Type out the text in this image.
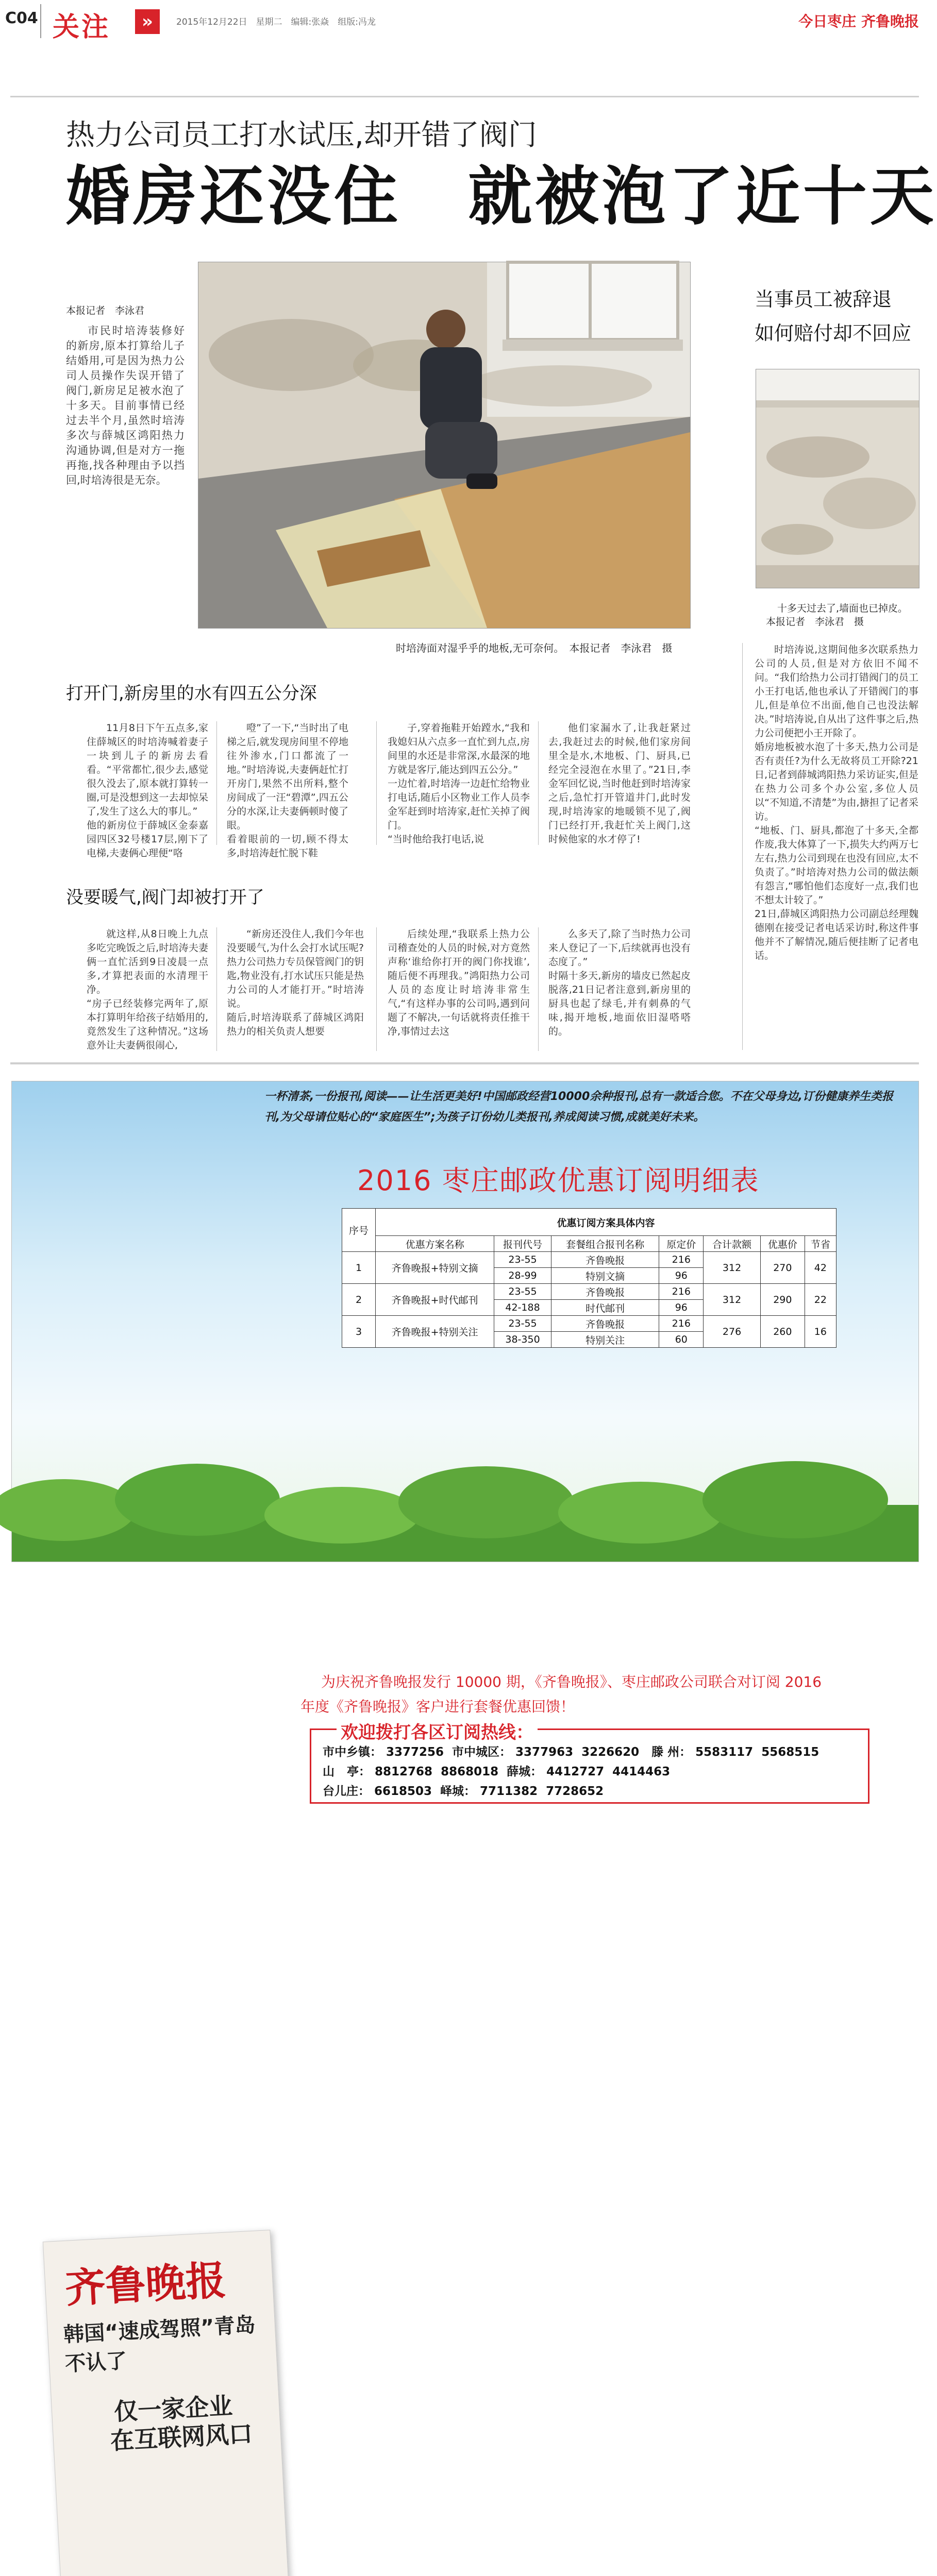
C04 关注	»	2015年12月22日　星期二　编辑:张焱　组版:冯龙	今日枣庄 齐鲁晚报
热力公司员工打水试压,却开错了阀门
婚房还没住　就被泡了近十天
本报记者　李泳君

市民时培涛装修好的新房,原本打算给儿子结婚用,可是因为热力公司人员操作失误开错了阀门,新房足足被水泡了十多天。目前事情已经过去半个月,虽然时培涛多次与薛城区鸿阳热力沟通协调,但是对方一拖再拖,找各种理由予以挡回,时培涛很是无奈。

时培涛面对湿乎乎的地板,无可奈何。　本报记者　李泳君　摄
打开门,新房里的水有四五公分深

11月8日下午五点多,家住薛城区的时培涛喊着妻子一块到儿子的新房去看看。“平常都忙,很少去,感觉很久没去了,原本就打算转一圈,可是没想到这一去却惊呆了,发生了这么大的事儿。”
他的新房位于薛城区金泰嘉园四区32号楼17层,刚下了电梯,夫妻俩心理便“咯

噔”了一下,“当时出了电梯之后,就发现房间里不停地往外渗水,门口都流了一地。”时培涛说,夫妻俩赶忙打开房门,果然不出所料,整个房间成了一汪“碧潭”,四五公分的水深,让夫妻俩顿时傻了眼。
看着眼前的一切,顾不得太多,时培涛赶忙脱下鞋

子,穿着拖鞋开始蹚水,“我和我媳妇从六点多一直忙到九点,房间里的水还是非常深,水最深的地方就是客厅,能达到四五公分。”
一边忙着,时培涛一边赶忙给物业打电话,随后小区物业工作人员李金军赶到时培涛家,赶忙关掉了阀门。
“当时他给我打电话,说

他们家漏水了,让我赶紧过去,我赶过去的时候,他们家房间里全是水,木地板、门、厨具,已经完全浸泡在水里了。”21日,李金军回忆说,当时他赶到时培涛家之后,急忙打开管道井门,此时发现,时培涛家的地暖锁不见了,阀门已经打开,我赶忙关上阀门,这时候他家的水才停了!

没要暖气,阀门却被打开了

就这样,从8日晚上九点多吃完晚饭之后,时培涛夫妻俩一直忙活到9日凌晨一点多,才算把表面的水清理干净。
“房子已经装修完两年了,原本打算明年给孩子结婚用的,竟然发生了这种情况。”这场意外让夫妻俩很闹心,

“新房还没住人,我们今年也没要暖气,为什么会打水试压呢?热力公司热力专员保管阀门的钥匙,物业没有,打水试压只能是热力公司的人才能打开。”时培涛说。
随后,时培涛联系了薛城区鸿阳热力的相关负责人想要

后续处理,“我联系上热力公司稽查处的人员的时候,对方竟然声称‘谁给你打开的阀门你找谁’,随后便不再理我。”鸿阳热力公司人员的态度让时培涛非常生气,“有这样办事的公司吗,遇到问题了不解决,一句话就将责任推干净,事情过去这

么多天了,除了当时热力公司来人登记了一下,后续就再也没有态度了。”
时隔十多天,新房的墙皮已然起皮脱落,21日记者注意到,新房里的厨具也起了绿毛,并有刺鼻的气味,揭开地板,地面依旧湿嗒嗒的。

当事员工被辞退
如何赔付却不回应
十多天过去了,墙面也已掉皮。
本报记者　李泳君　摄

时培涛说,这期间他多次联系热力公司的人员,但是对方依旧不闻不问。“我们给热力公司打错阀门的员工小王打电话,他也承认了开错阀门的事儿,但是单位不出面,他自己也没法解决。”时培涛说,自从出了这件事之后,热力公司便把小王开除了。
婚房地板被水泡了十多天,热力公司是否有责任?为什么无故将员工开除?21日,记者到薛城鸿阳热力采访证实,但是在热力公司多个办公室,多位人员以“不知道,不清楚”为由,搪担了记者采访。
“地板、门、厨具,都泡了十多天,全都作废,我大体算了一下,损失大约两万七左右,热力公司到现在也没有回应,太不负责了。”时培涛对热力公司的做法颇有怨言,“哪怕他们态度好一点,我们也不想太计较了。”
21日,薛城区鸿阳热力公司副总经理魏德刚在接受记者电话采访时,称这件事他并不了解情况,随后便挂断了记者电话。

一杯清茶,一份报刊,阅读——让生活更美好!中国邮政经营10000余种报刊,总有一款适合您。不在父母身边,订份健康养生类报刊,为父母请位贴心的“家庭医生”;为孩子订份幼儿类报刊,养成阅读习惯,成就美好未来。
齐鲁晚报
韩国“速成驾照”青岛不认了
仅一家企业
在互联网风口
2016 枣庄邮政优惠订阅明细表
序号	优惠订阅方案具体内容						
	优惠方案名称	报刊代号	套餐组合报刊名称	原定价	合计款额	优惠价	节省
1	齐鲁晚报+特别文摘	23-55	齐鲁晚报	216	312	270	42
		28-99	特别文摘	96			
2	齐鲁晚报+时代邮刊	23-55	齐鲁晚报	216	312	290	22
		42-188	时代邮刊	96			
3	齐鲁晚报+特别关注	23-55	齐鲁晚报	216	276	260	16
		38-350	特别关注	60			
为庆祝齐鲁晚报发行 10000 期，《齐鲁晚报》、枣庄邮政公司联合对订阅 2016
年度《齐鲁晚报》客户进行套餐优惠回馈！
市中乡镇： 3377256  市中城区： 3377963  3226620   滕 州： 5583117  5568515
山   亭： 8812768  8868018  薛城： 4412727  4414463
台儿庄： 6618503  峄城： 7711382  7728652
欢迎拨打各区订阅热线：
